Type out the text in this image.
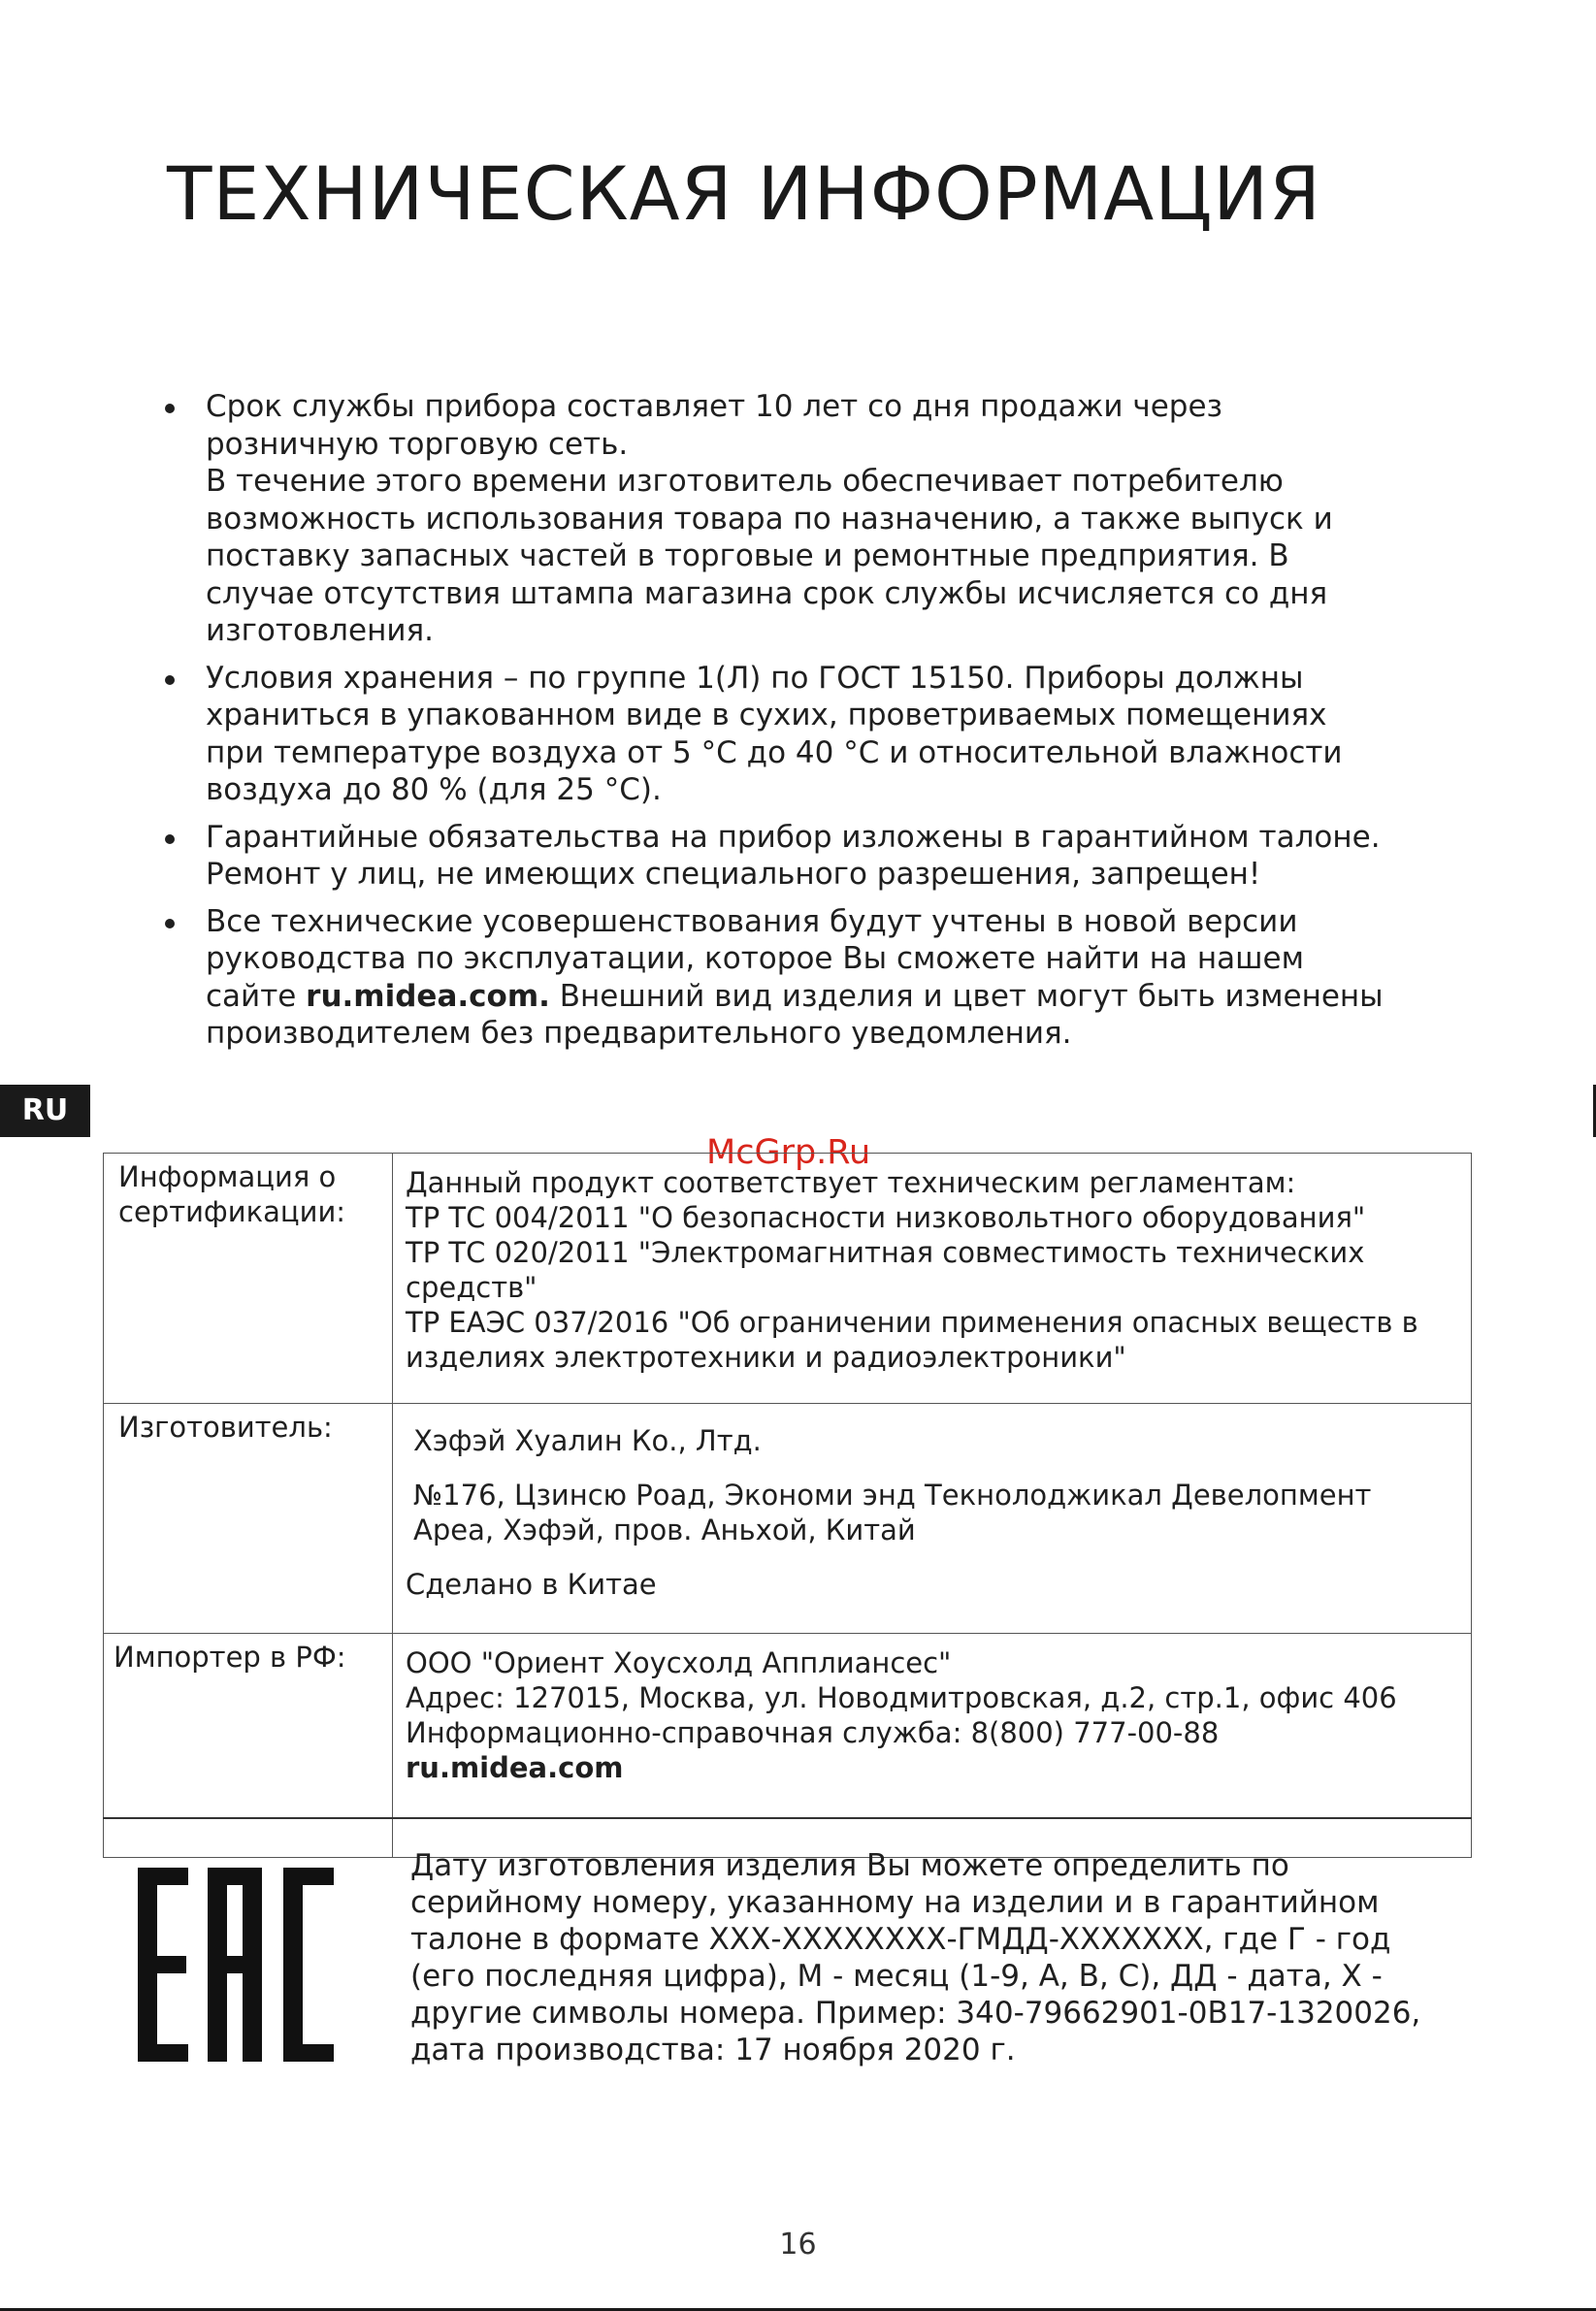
ТЕХНИЧЕСКАЯ ИНФОРМАЦИЯ
Срок службы прибора составляет 10 лет со дня продажи через
розничную торговую сеть.
В течение этого времени изготовитель обеспечивает потребителю
возможность использования товара по назначению, а также выпуск и
поставку запасных частей в торговые и ремонтные предприятия. В
случае отсутствия штампа магазина срок службы исчисляется со дня
изготовления.
Условия хранения – по группе 1(Л) по ГОСТ 15150. Приборы должны
храниться в упакованном виде в сухих, проветриваемых помещениях
при температуре воздуха от 5 °С до 40 °С и относительной влажности
воздуха до 80 % (для 25 °С).
Гарантийные обязательства на прибор изложены в гарантийном талоне.
Ремонт у лиц, не имеющих специального разрешения, запрещен!
Все технические усовершенствования будут учтены в новой версии
руководства по эксплуатации, которое Вы сможете найти на нашем
сайте ru.midea.com. Внешний вид изделия и цвет могут быть изменены
производителем без предварительного уведомления.
RU
McGrp.Ru
Информация о сертификации:	Данный продукт соответствует техническим регламентам:
ТР ТС 004/2011 "О безопасности низковольтного оборудования"
ТР ТС 020/2011 "Электромагнитная совместимость технических средств"
ТР ЕАЭС 037/2016 "Об ограничении применения опасных веществ в изделиях электротехники и радиоэлектроники"

Изготовитель:	Хэфэй Хуалин Ко., Лтд.
№176, Цзинсю Роад, Экономи энд Текнолоджикал Девелопмент Ареа, Хэфэй, пров. Аньхой, Китай
Сделано в Китае

Импортер в РФ:	ООО "Ориент Хоусхолд Апплиансес"
Адрес: 127015, Москва, ул. Новодмитровская, д.2, стр.1, офис 406
Информационно-справочная служба: 8(800) 777-00-88
ru.midea.com

Дату изготовления изделия Вы можете определить по
серийному номеру, указанному на изделии и в гарантийном
талоне в формате ХХХ-ХХХХХХХХ-ГМДД-ХХХХХХХ, где Г - год
(его последняя цифра), М - месяц (1-9, A, B, C), ДД - дата, Х -
другие символы номера. Пример: 340-79662901-0B17-1320026,
дата производства: 17 ноября 2020 г.

16
